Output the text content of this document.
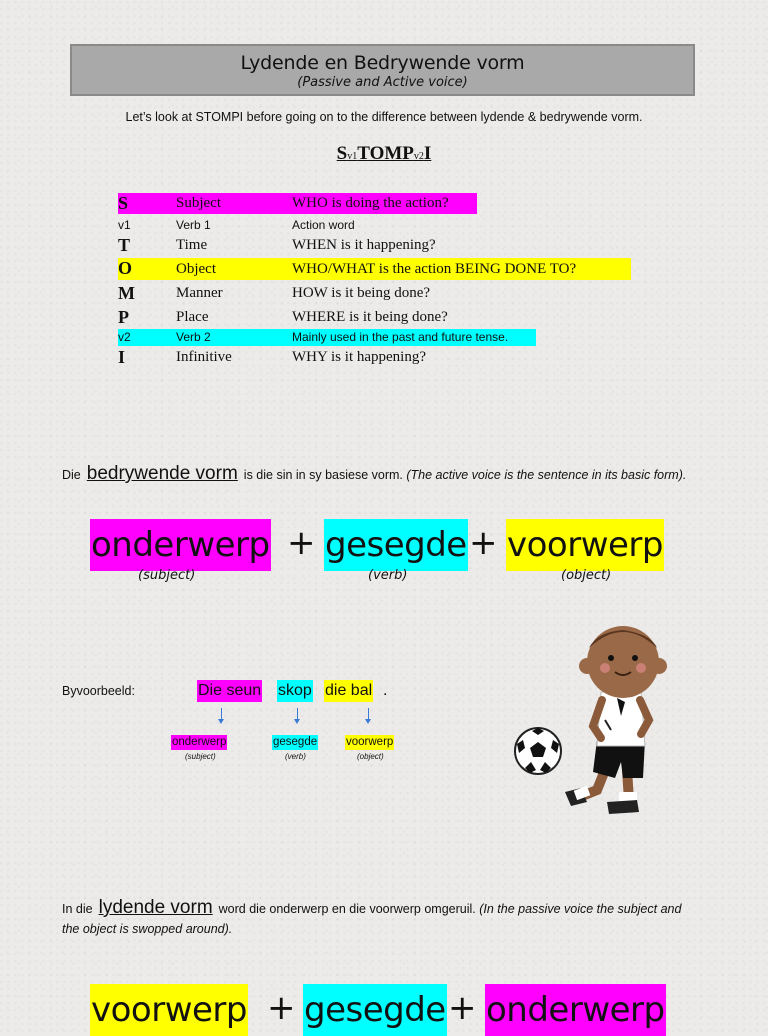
Lydende en Bedrywende vorm
(Passive and Active voice)
Let’s look at STOMPI before going on to the difference between lydende & bedrywende vorm.
Sv1TOMPv2I
S	Subject	WHO is doing the action?
v1	Verb 1	Action word
T	Time	WHEN is it happening?
O	Object	WHO/WHAT is the action BEING DONE TO?
M	Manner	HOW is it being done?
P	Place	WHERE is it being done?
v2	Verb 2	Mainly used in the past and future tense.
I	Infinitive	WHY is it happening?
Die bedrywende vorm is die sin in sy basiese vorm. (The active voice is the sentence in its basic form).
onderwerp + gesegde + voorwerp
(subject)	(verb)	(object)
Byvoorbeeld:	Die seun skop die bal .
onderwerp	gesegde	voorwerp
(subject)	(verb)	(object)
In die lydende vorm word die onderwerp en die voorwerp omgeruil. (In the passive voice the subject and the object is swopped around).
voorwerp + gesegde + onderwerp
